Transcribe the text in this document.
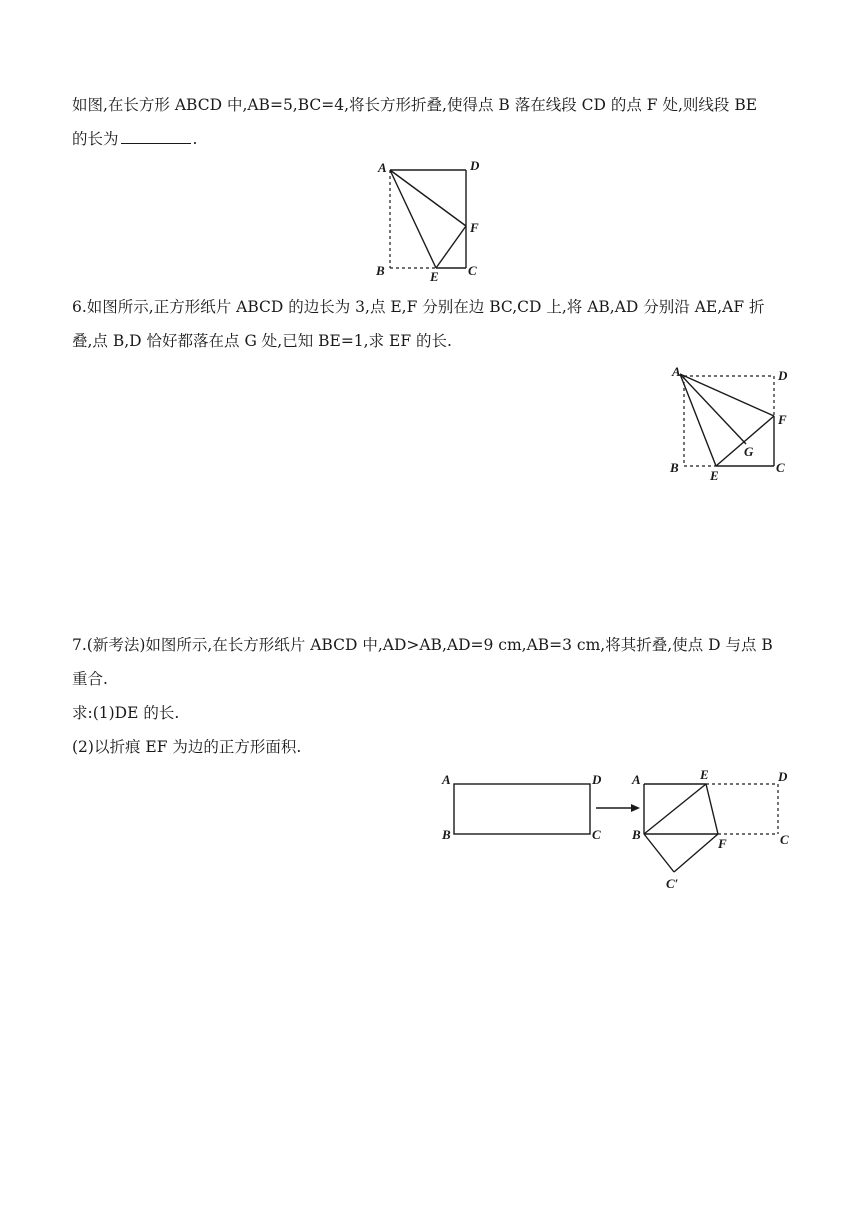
如图,在长方形 ABCD 中,AB=5,BC=4,将长方形折叠,使得点 B 落在线段 CD 的点 F 处,则线段 BE

的长为	.

A	D
F
B	E C

6.如图所示,正方形纸片 ABCD 的边长为 3,点 E,F 分别在边 BC,CD 上,将 AB,AD 分别沿 AE,AF 折

叠,点 B,D 恰好都落在点 G 处,已知 BE=1,求 EF 的长.

A	D
F
G
B
E
C

7.(新考法)如图所示,在长方形纸片 ABCD 中,AD>AB,AD=9 cm,AB=3 cm,将其折叠,使点 D 与点 B

重合.

求:(1)DE 的长.

(2)以折痕 EF 为边的正方形面积.

A	D
B	C
A	E	D
B
F	C
C′
